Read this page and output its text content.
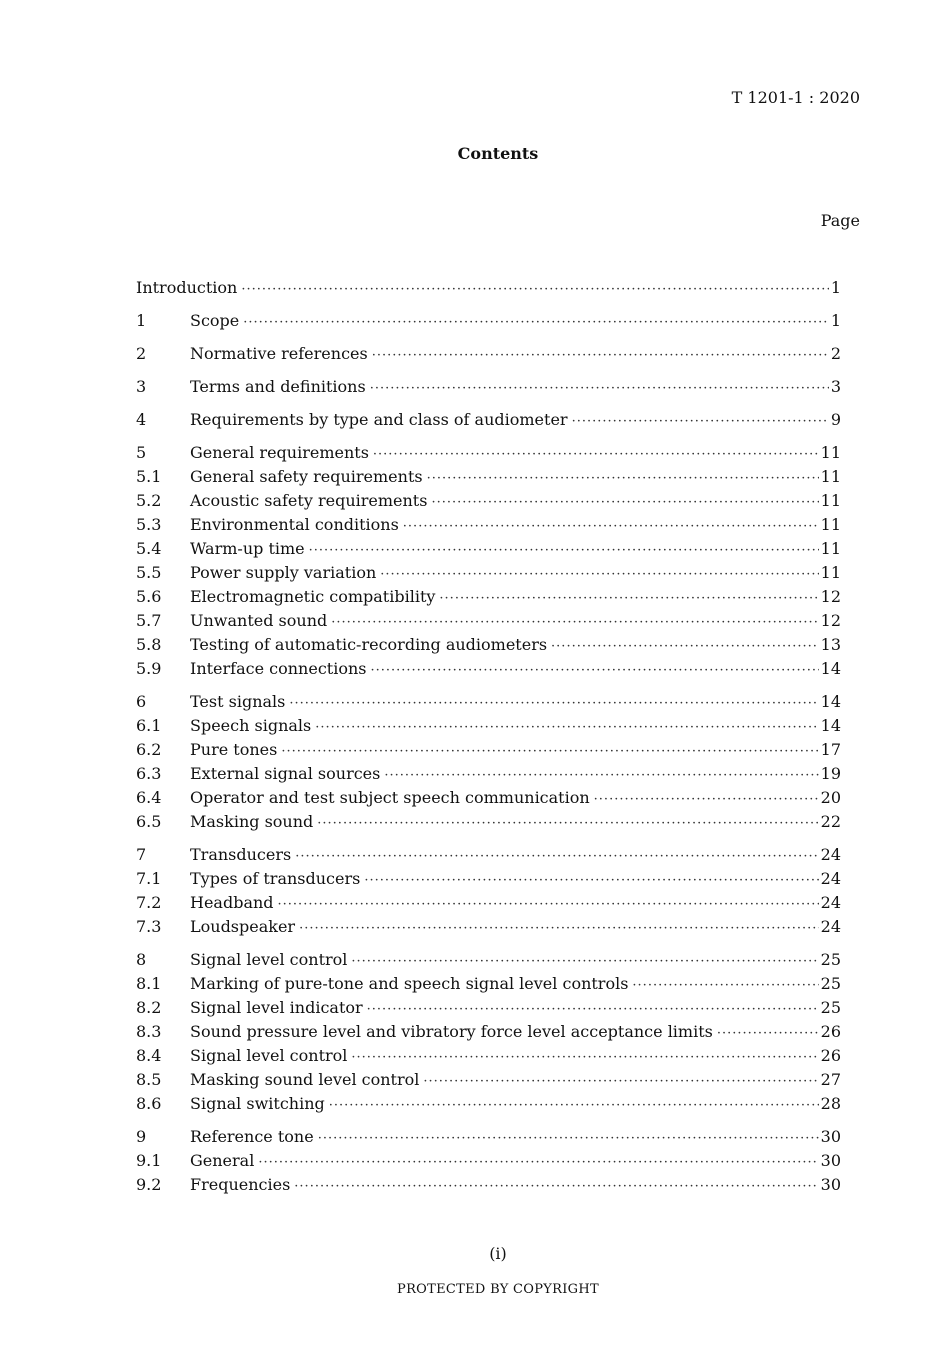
T 1201-1 : 2020
Contents
Page
Introduction ·····	1
1	Scope ·····	1
2	Normative references ·····	2
3	Terms and definitions ·····	3
4	Requirements by type and class of audiometer ·····	9
5	General requirements ·····	11
5.1	General safety requirements ·····	11
5.2	Acoustic safety requirements ·····	11
5.3	Environmental conditions ·····	11
5.4	Warm-up time ·····	11
5.5	Power supply variation ·····	11
5.6	Electromagnetic compatibility ·····	12
5.7	Unwanted sound ·····	12
5.8	Testing of automatic-recording audiometers ·····	13
5.9	Interface connections ·····	14
6	Test signals ·····	14
6.1	Speech signals ·····	14
6.2	Pure tones ·····	17
6.3	External signal sources ·····	19
6.4	Operator and test subject speech communication ·····	20
6.5	Masking sound ·····	22
7	Transducers ·····	24
7.1	Types of transducers ·····	24
7.2	Headband ·····	24
7.3	Loudspeaker ·····	24
8	Signal level control ·····	25
8.1	Marking of pure-tone and speech signal level controls ·····	25
8.2	Signal level indicator ·····	25
8.3	Sound pressure level and vibratory force level acceptance limits ·····	26
8.4	Signal level control ·····	26
8.5	Masking sound level control ·····	27
8.6	Signal switching ·····	28
9	Reference tone ·····	30
9.1	General ·····	30
9.2	Frequencies ·····	30
(i)
PROTECTED BY COPYRIGHT
